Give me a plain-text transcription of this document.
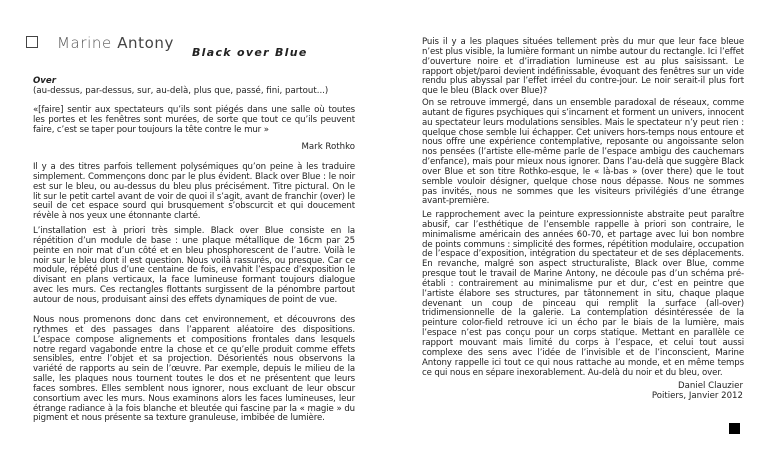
Marine Antony
Black over Blue
Over
(au-dessus, par-dessus, sur, au-delà, plus que, passé, fini, partout...)

«[faire] sentir aux spectateurs qu’ils sont piégés dans une salle où toutes les portes et les fenêtres sont murées, de sorte que tout ce qu’ils peuvent faire, c’est se taper pour toujours la tête contre le mur »

Mark Rothko

Il y a des titres parfois tellement polysémiques qu’on peine à les traduire simplement. Commençons donc par le plus évident. Black over Blue : le noir est sur le bleu, ou au-dessus du bleu plus précisément. Titre pictural. On le lit sur le petit cartel avant de voir de quoi il s’agit, avant de franchir (over) le seuil de cet espace sourd qui brusquement s’obscurcit et qui doucement révèle à nos yeux une étonnante clarté.

L’installation est à priori très simple. Black over Blue consiste en la répétition d’un module de base : une plaque métallique de 16cm par 25 peinte en noir mat d’un côté et en bleu phosphorescent de l’autre. Voilà le noir sur le bleu dont il est question. Nous voilà rassurés, ou presque. Car ce module, répété plus d’une centaine de fois, envahit l’espace d’exposition le divisant en plans verticaux, la face lumineuse formant toujours dialogue avec les murs. Ces rectangles flottants surgissent de la pénombre partout autour de nous, produisant ainsi des effets dynamiques de point de vue.

Nous nous promenons donc dans cet environnement, et découvrons des rythmes et des passages dans l’apparent aléatoire des dispositions. L’espace compose alignements et compositions frontales dans lesquels notre regard vagabonde entre la chose et ce qu’elle produit comme effets sensibles, entre l’objet et sa projection. Désorientés nous observons la variété de rapports au sein de l’œuvre. Par exemple, depuis le milieu de la salle, les plaques nous tournent toutes le dos et ne présentent que leurs faces sombres. Elles semblent nous ignorer, nous excluant de leur obscur consortium avec les murs. Nous examinons alors les faces lumineuses, leur étrange radiance à la fois blanche et bleutée qui fascine par la « magie » du pigment et nous présente sa texture granuleuse, imbibée de lumière.

Puis il y a les plaques situées tellement près du mur que leur face bleue n’est plus visible, la lumière formant un nimbe autour du rectangle. Ici l’effet d’ouverture noire et d’irradiation lumineuse est au plus saisissant. Le rapport objet/paroi devient indéfinissable, évoquant des fenêtres sur un vide rendu plus abyssal par l’effet irréel du contre-jour. Le noir serait-il plus fort que le bleu (Black over Blue)?

On se retrouve immergé, dans un ensemble paradoxal de réseaux, comme autant de figures psychiques qui s’incarnent et forment un univers, innocent au spectateur leurs modulations sensibles. Mais le spectateur n’y peut rien : quelque chose semble lui échapper. Cet univers hors-temps nous entoure et nous offre une expérience contemplative, reposante ou angoissante selon nos pensées (l’artiste elle-même parle de l’espace ambigu des cauchemars d’enfance), mais pour mieux nous ignorer. Dans l’au-delà que suggère Black over Blue et son titre Rothko-esque, le « là-bas » (over there) que le tout semble vouloir désigner, quelque chose nous dépasse. Nous ne sommes pas invités, nous ne sommes que les visiteurs privilégiés d’une étrange avant-première.

Le rapprochement avec la peinture expressionniste abstraite peut paraître abusif, car l’esthétique de l’ensemble rappelle à priori son contraire, le minimalisme américain des années 60-70, et partage avec lui bon nombre de points communs : simplicité des formes, répétition modulaire, occupation de l’espace d’exposition, intégration du spectateur et de ses déplacements. En revanche, malgré son aspect structuraliste, Black over Blue, comme presque tout le travail de Marine Antony, ne découle pas d’un schéma pré-établi : contrairement au minimalisme pur et dur, c’est en peintre que l’artiste élabore ses structures, par tâtonnement in situ, chaque plaque devenant un coup de pinceau qui remplit la surface (all-over) tridimensionnelle de la galerie. La contemplation désintéressée de la peinture color-field retrouve ici un écho par le biais de la lumière, mais l’espace n’est pas conçu pour un corps statique. Mettant en parallèle ce rapport mouvant mais limité du corps à l’espace, et celui tout aussi complexe des sens avec l’idée de l’invisible et de l’inconscient, Marine Antony rappelle ici tout ce qui nous rattache au monde, et en même temps ce qui nous en sépare inexorablement. Au-delà du noir et du bleu, over.

Daniel Clauzier
Poitiers, Janvier 2012
